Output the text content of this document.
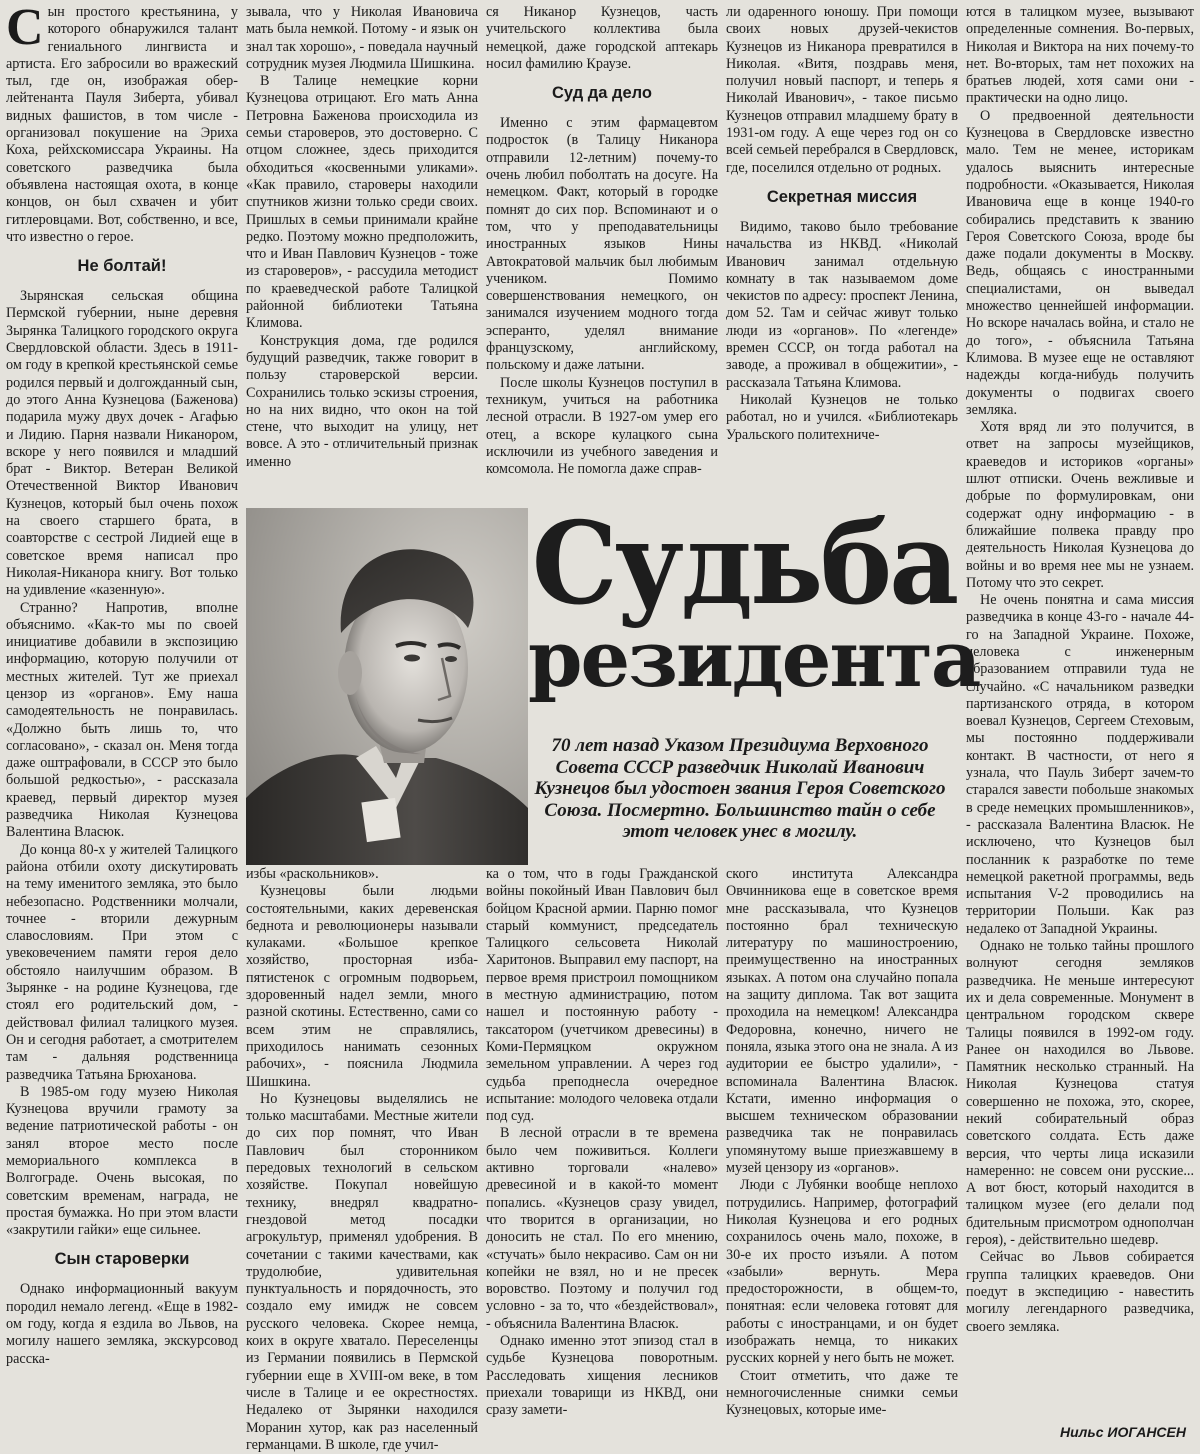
Сын простого крестьянина, у которого обнаружился талант гениального лингвиста и артиста. Его забросили во вражеский тыл, где он, изображая обер-лейтенанта Пауля Зиберта, убивал видных фашистов, в том числе - организовал покушение на Эриха Коха, рейхскомиссара Украины. На советского разведчика была объявлена настоящая охота, в конце концов, он был схвачен и убит гитлеровцами. Вот, собственно, и все, что известно о герое.

Не болтай!

Зырянская сельская община Пермской губернии, ныне деревня Зырянка Талицкого городского округа Свердловской области. Здесь в 1911-ом году в крепкой крестьянской семье родился первый и долгожданный сын, до этого Анна Кузнецова (Баженова) подарила мужу двух дочек - Агафью и Лидию. Парня назвали Никанором, вскоре у него появился и младший брат - Виктор. Ветеран Великой Отечественной Виктор Иванович Кузнецов, который был очень похож на своего старшего брата, в соавторстве с сестрой Лидией еще в советское время написал про Николая-Никанора книгу. Вот только на удивление «казенную».

Странно? Напротив, вполне объяснимо. «Как-то мы по своей инициативе добавили в экспозицию информацию, которую получили от местных жителей. Тут же приехал цензор из «органов». Ему наша самодеятельность не понравилась. «Должно быть лишь то, что согласовано», - сказал он. Меня тогда даже оштрафовали, в СССР это было большой редкостью», - рассказала краевед, первый директор музея разведчика Николая Кузнецова Валентина Власюк.

До конца 80-х у жителей Талицкого района отбили охоту дискутировать на тему именитого земляка, это было небезопасно. Родственники молчали, точнее - вторили дежурным славословиям. При этом с увековечением памяти героя дело обстояло наилучшим образом. В Зырянке - на родине Кузнецова, где стоял его родительский дом, - действовал филиал талицкого музея. Он и сегодня работает, а смотрителем там - дальняя родственница разведчика Татьяна Брюханова.

В 1985-ом году музею Николая Кузнецова вручили грамоту за ведение патриотической работы - он занял второе место после мемориального комплекса в Волгограде. Очень высокая, по советским временам, награда, не простая бумажка. Но при этом власти «закрутили гайки» еще сильнее.

Сын староверки

Однако информационный вакуум породил немало легенд. «Еще в 1982-ом году, когда я ездила во Львов, на могилу нашего земляка, экскурсовод расска-

зывала, что у Николая Ивановича мать была немкой. Потому - и язык он знал так хорошо», - поведала научный сотрудник музея Людмила Шишкина.

В Талице немецкие корни Кузнецова отрицают. Его мать Анна Петровна Баженова происходила из семьи староверов, это достоверно. С отцом сложнее, здесь приходится обходиться «косвенными уликами». «Как правило, староверы находили спутников жизни только среди своих. Пришлых в семьи принимали крайне редко. Поэтому можно предположить, что и Иван Павлович Кузнецов - тоже из староверов», - рассудила методист по краеведческой работе Талицкой районной библиотеки Татьяна Климова.

Конструкция дома, где родился будущий разведчик, также говорит в пользу староверской версии. Сохранились только эскизы строения, но на них видно, что окон на той стене, что выходит на улицу, нет вовсе. А это - отличительный признак именно

избы «раскольников».

Кузнецовы были людьми состоятельными, каких деревенская беднота и революционеры называли кулаками. «Большое крепкое хозяйство, просторная изба-пятистенок с огромным подворьем, здоровенный надел земли, много разной скотины. Естественно, сами со всем этим не справлялись, приходилось нанимать сезонных рабочих», - пояснила Людмила Шишкина.

Но Кузнецовы выделялись не только масштабами. Местные жители до сих пор помнят, что Иван Павлович был сторонником передовых технологий в сельском хозяйстве. Покупал новейшую технику, внедрял квадратно-гнездовой метод посадки агрокультур, применял удобрения. В сочетании с такими качествами, как трудолюбие, удивительная пунктуальность и порядочность, это создало ему имидж не совсем русского человека. Скорее немца, коих в округе хватало. Переселенцы из Германии появились в Пермской губернии еще в XVIII-ом веке, в том числе в Талице и ее окрестностях. Недалеко от Зырянки находился Моранин хутор, как раз населенный германцами. В школе, где учил-

ся Никанор Кузнецов, часть учительского коллектива была немецкой, даже городской аптекарь носил фамилию Краузе.

Суд да дело

Именно с этим фармацевтом подросток (в Талицу Никанора отправили 12-летним) почему-то очень любил поболтать на досуге. На немецком. Факт, который в городке помнят до сих пор. Вспоминают и о том, что у преподавательницы иностранных языков Нины Автократовой мальчик был любимым учеником. Помимо совершенствования немецкого, он занимался изучением модного тогда эсперанто, уделял внимание французскому, английскому, польскому и даже латыни.

После школы Кузнецов поступил в техникум, учиться на работника лесной отрасли. В 1927-ом умер его отец, а вскоре кулацкого сына исключили из учебного заведения и комсомола. Не помогла даже справ-

ка о том, что в годы Гражданской войны покойный Иван Павлович был бойцом Красной армии. Парню помог старый коммунист, председатель Талицкого сельсовета Николай Харитонов. Выправил ему паспорт, на первое время пристроил помощником в местную администрацию, потом нашел и постоянную работу - таксатором (учетчиком древесины) в Коми-Пермяцком окружном земельном управлении. А через год судьба преподнесла очередное испытание: молодого человека отдали под суд.

В лесной отрасли в те времена было чем поживиться. Коллеги активно торговали «налево» древесиной и в какой-то момент попались. «Кузнецов сразу увидел, что творится в организации, но доносить не стал. По его мнению, «стучать» было некрасиво. Сам он ни копейки не взял, но и не пресек воровство. Поэтому и получил год условно - за то, что «бездействовал», - объяснила Валентина Власюк.

Однако именно этот эпизод стал в судьбе Кузнецова поворотным. Расследовать хищения лесников приехали товарищи из НКВД, они сразу замети-

ли одаренного юношу. При помощи своих новых друзей-чекистов Кузнецов из Никанора превратился в Николая. «Витя, поздравь меня, получил новый паспорт, и теперь я Николай Иванович», - такое письмо Кузнецов отправил младшему брату в 1931-ом году. А еще через год он со всей семьей перебрался в Свердловск, где, поселился отдельно от родных.

Секретная миссия

Видимо, таково было требование начальства из НКВД. «Николай Иванович занимал отдельную комнату в так называемом доме чекистов по адресу: проспект Ленина, дом 52. Там и сейчас живут только люди из «органов». По «легенде» времен СССР, он тогда работал на заводе, а проживал в общежитии», - рассказала Татьяна Климова.

Николай Кузнецов не только работал, но и учился. «Библиотекарь Уральского политехниче-

ского института Александра Овчинникова еще в советское время мне рассказывала, что Кузнецов постоянно брал техническую литературу по машиностроению, преимущественно на иностранных языках. А потом она случайно попала на защиту диплома. Так вот защита проходила на немецком! Александра Федоровна, конечно, ничего не поняла, языка этого она не знала. А из аудитории ее быстро удалили», - вспоминала Валентина Власюк. Кстати, именно информация о высшем техническом образовании разведчика так не понравилась упомянутому выше приезжавшему в музей цензору из «органов».

Люди с Лубянки вообще неплохо потрудились. Например, фотографий Николая Кузнецова и его родных сохранилось очень мало, похоже, в 30-е их просто изъяли. А потом «забыли» вернуть. Мера предосторожности, в общем-то, понятная: если человека готовят для работы с иностранцами, и он будет изображать немца, то никаких русских корней у него быть не может.

Стоит отметить, что даже те немногочисленные снимки семьи Кузнецовых, которые име-

ются в талицком музее, вызывают определенные сомнения. Во-первых, Николая и Виктора на них почему-то нет. Во-вторых, там нет похожих на братьев людей, хотя сами они - практически на одно лицо.

О предвоенной деятельности Кузнецова в Свердловске известно мало. Тем не менее, историкам удалось выяснить интересные подробности. «Оказывается, Николая Ивановича еще в конце 1940-го собирались представить к званию Героя Советского Союза, вроде бы даже подали документы в Москву. Ведь, общаясь с иностранными специалистами, он выведал множество ценнейшей информации. Но вскоре началась война, и стало не до того», - объяснила Татьяна Климова. В музее еще не оставляют надежды когда-нибудь получить документы о подвигах своего земляка.

Хотя вряд ли это получится, в ответ на запросы музейщиков, краеведов и историков «органы» шлют отписки. Очень вежливые и добрые по формулировкам, они содержат одну информацию - в ближайшие полвека правду про деятельность Николая Кузнецова до войны и во время нее мы не узнаем. Потому что это секрет.

Не очень понятна и сама миссия разведчика в конце 43-го - начале 44-го на Западной Украине. Похоже, человека с инженерным образованием отправили туда не случайно. «С начальником разведки партизанского отряда, в котором воевал Кузнецов, Сергеем Стеховым, мы постоянно поддерживали контакт. В частности, от него я узнала, что Пауль Зиберт зачем-то старался завести побольше знакомых в среде немецких промышленников», - рассказала Валентина Власюк. Не исключено, что Кузнецов был посланник к разработке по теме немецкой ракетной программы, ведь испытания V-2 проводились на территории Польши. Как раз недалеко от Западной Украины.

Однако не только тайны прошлого волнуют сегодня земляков разведчика. Не меньше интересуют их и дела современные. Монумент в центральном городском сквере Талицы появился в 1992-ом году. Ранее он находился во Львове. Памятник несколько странный. На Николая Кузнецова статуя совершенно не похожа, это, скорее, некий собирательный образ советского солдата. Есть даже версия, что черты лица исказили намеренно: не совсем они русские... А вот бюст, который находится в талицком музее (его делали под бдительным присмотром однополчан героя), - действительно шедевр.

Сейчас во Львов собирается группа талицких краеведов. Они поедут в экспедицию - навестить могилу легендарного разведчика, своего земляка.

Судьба
резидента
70 лет назад Указом Президиума Верховного Совета СССР разведчик Николай Иванович Кузнецов был удостоен звания Героя Советского Союза. Посмертно. Большинство тайн о себе этот человек унес в могилу.
Нильс ИОГАНСЕН
